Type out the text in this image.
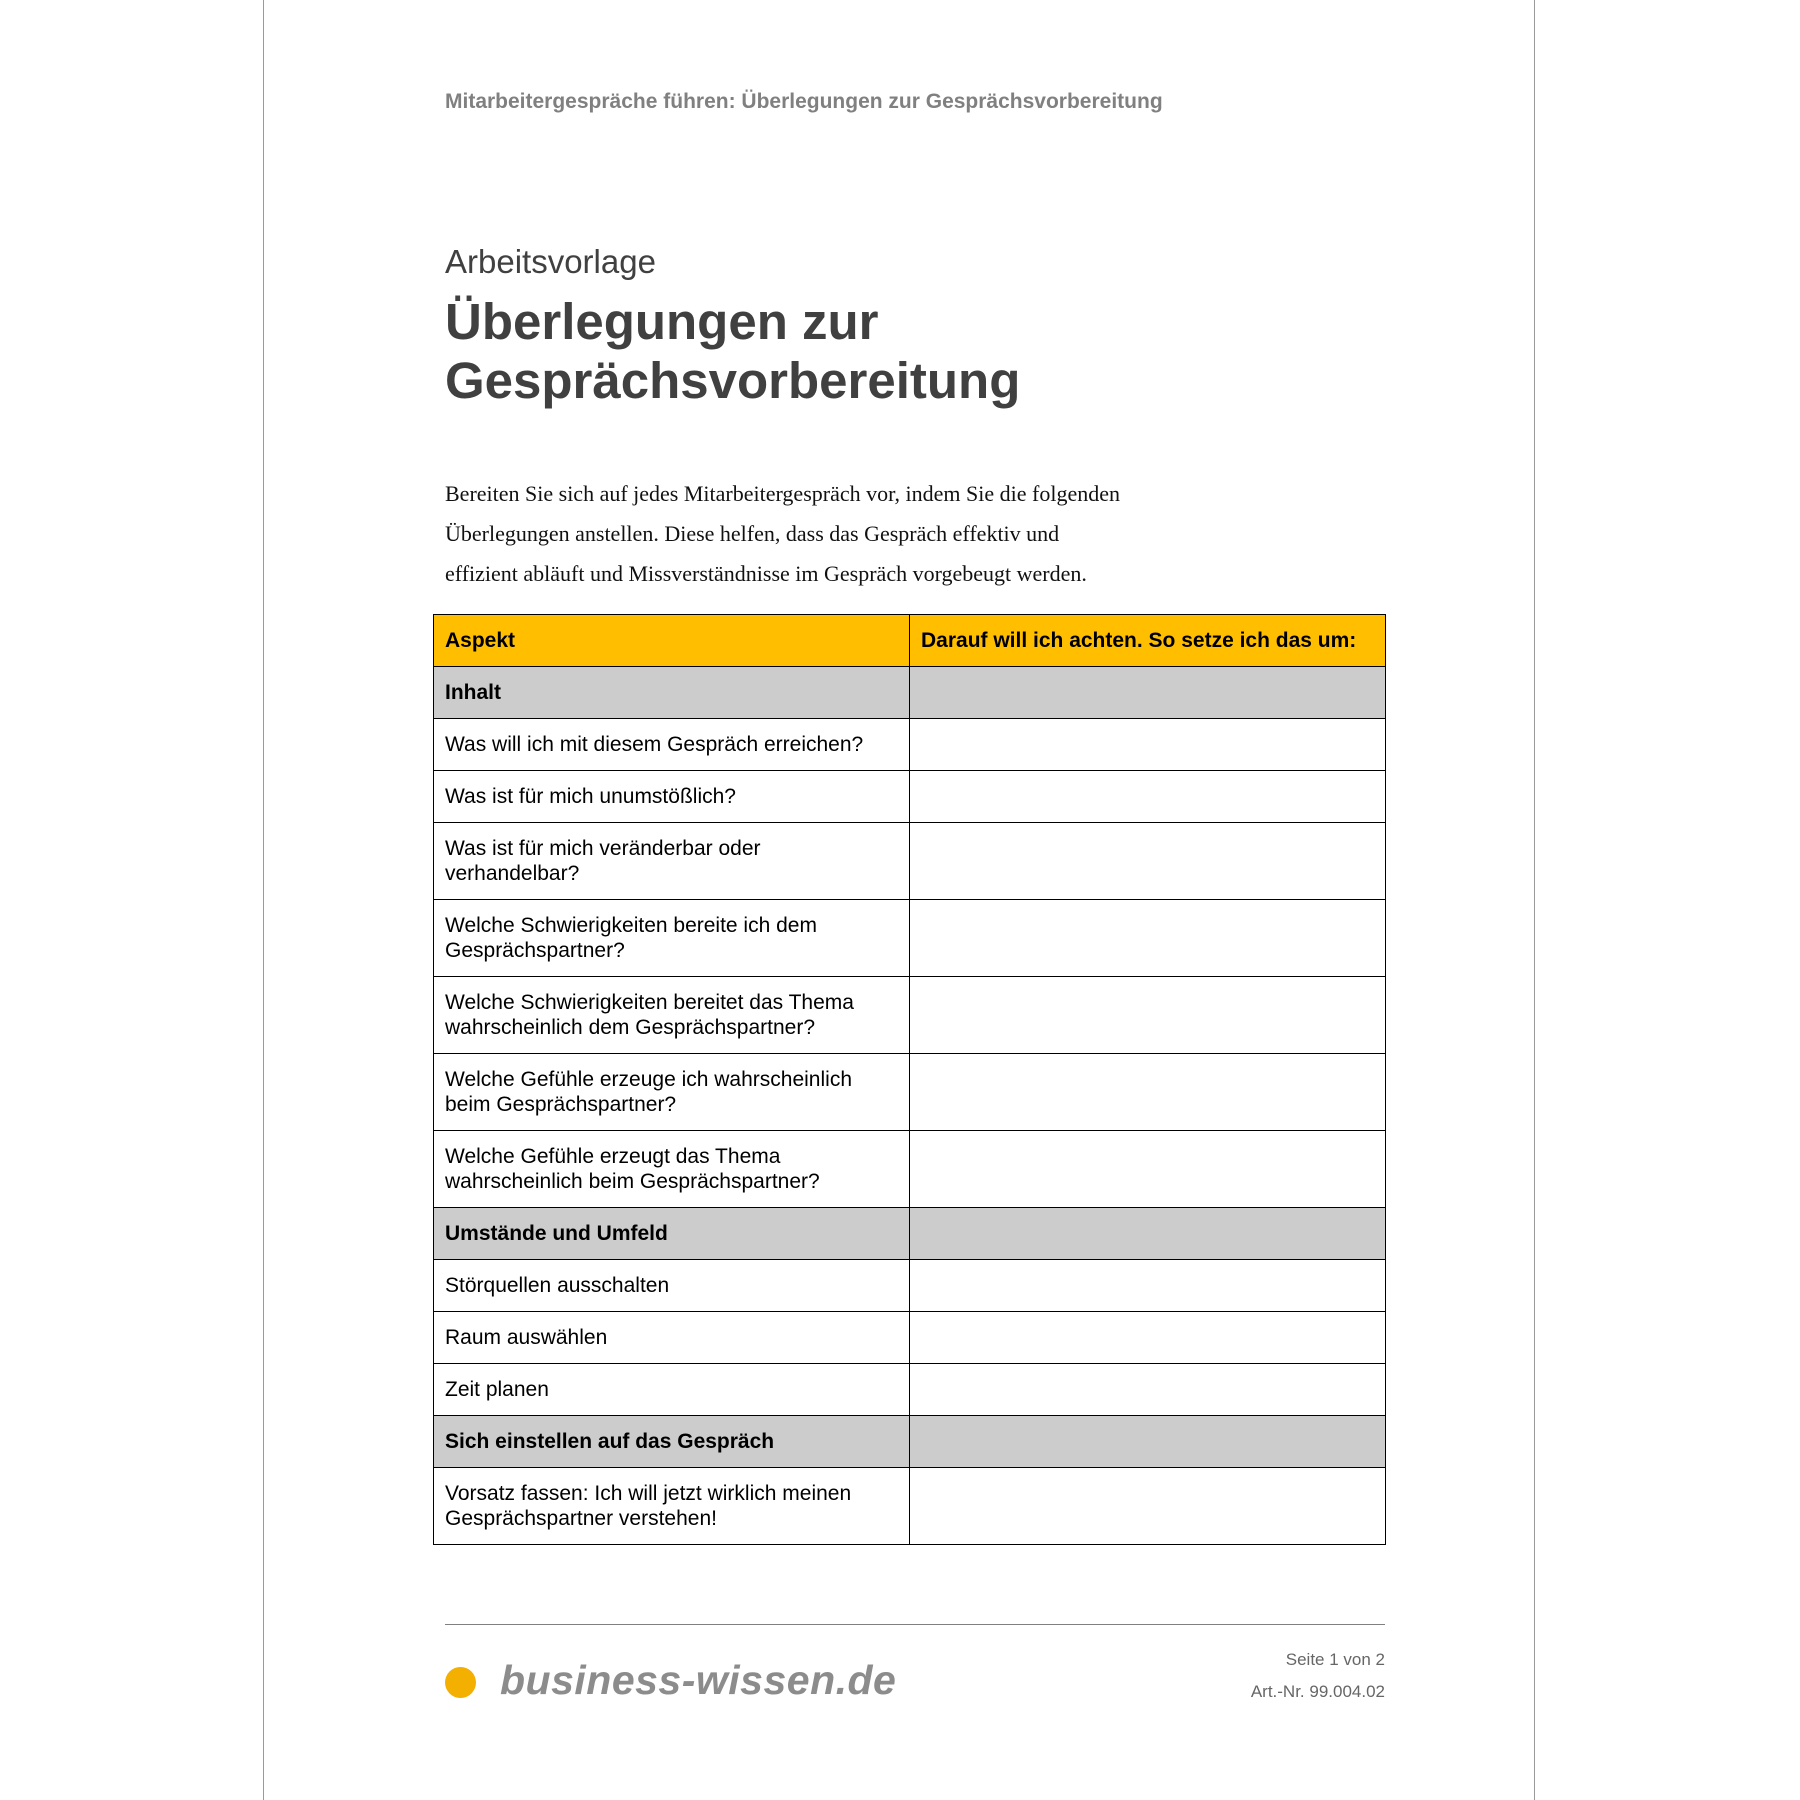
Mitarbeitergespräche führen: Überlegungen zur Gesprächsvorbereitung
Arbeitsvorlage
Überlegungen zur
Gesprächsvorbereitung
Bereiten Sie sich auf jedes Mitarbeitergespräch vor, indem Sie die folgenden
Überlegungen anstellen. Diese helfen, dass das Gespräch effektiv und
effizient abläuft und Missverständnisse im Gespräch vorgebeugt werden.
Aspekt	Darauf will ich achten. So setze ich das um:
Inhalt	
Was will ich mit diesem Gespräch erreichen?	
Was ist für mich unumstößlich?	
Was ist für mich veränderbar oder verhandelbar?	
Welche Schwierigkeiten bereite ich dem Gesprächspartner?	
Welche Schwierigkeiten bereitet das Thema wahrscheinlich dem Gesprächspartner?	
Welche Gefühle erzeuge ich wahrscheinlich beim Gesprächspartner?	
Welche Gefühle erzeugt das Thema wahrscheinlich beim Gesprächspartner?	
Umstände und Umfeld	
Störquellen ausschalten	
Raum auswählen	
Zeit planen	
Sich einstellen auf das Gespräch	
Vorsatz fassen: Ich will jetzt wirklich meinen Gesprächspartner verstehen!	
business-wissen.de	Seite 1 von 2
Art.-Nr. 99.004.02
